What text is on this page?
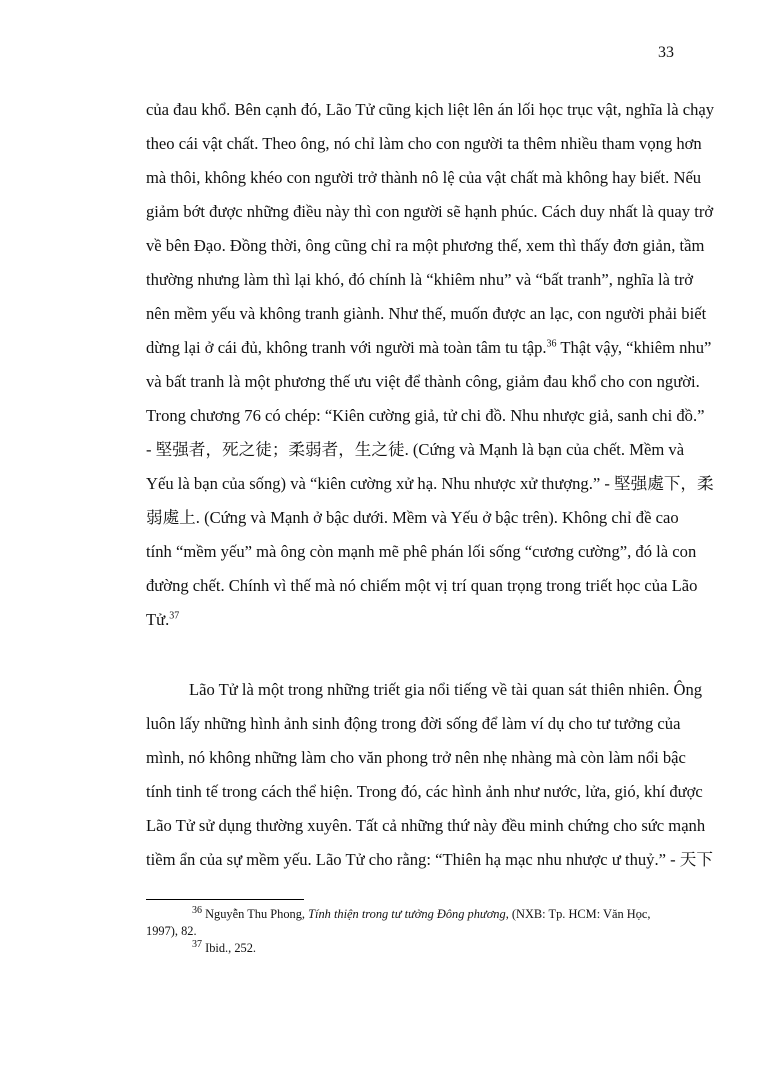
33
của đau khổ. Bên cạnh đó, Lão Tử cũng kịch liệt lên án lối học trục vật, nghĩa là chạy
theo cái vật chất. Theo ông, nó chỉ làm cho con người ta thêm nhiều tham vọng hơn
mà thôi, không khéo con người trở thành nô lệ của vật chất mà không hay biết. Nếu
giảm bớt được những điều này thì con người sẽ hạnh phúc. Cách duy nhất là quay trở
về bên Đạo. Đồng thời, ông cũng chỉ ra một phương thế, xem thì thấy đơn giản, tầm
thường nhưng làm thì lại khó, đó chính là “khiêm nhu” và “bất tranh”, nghĩa là trở
nên mềm yếu và không tranh giành. Như thế, muốn được an lạc, con người phải biết
dừng lại ở cái đủ, không tranh với người mà toàn tâm tu tập.$^{36}$ Thật vậy, “khiêm nhu”
và bất tranh là một phương thế ưu việt để thành công, giảm đau khổ cho con người.
Trong chương 76 có chép: “Kiên cường giả, tử chi đồ. Nhu nhược giả, sanh chi đồ.”
- 堅强者，死之徒；柔弱者，生之徒. (Cứng và Mạnh là bạn của chết. Mềm và
Yếu là bạn của sống) và “kiên cường xử hạ. Nhu nhược xử thượng.” - 堅强處下，柔
弱處上. (Cứng và Mạnh ở bậc dưới. Mềm và Yếu ở bậc trên). Không chỉ đề cao
tính “mềm yếu” mà ông còn mạnh mẽ phê phán lối sống “cương cường”, đó là con
đường chết. Chính vì thế mà nó chiếm một vị trí quan trọng trong triết học của Lão
Tử.$^{37}$
Lão Tử là một trong những triết gia nổi tiếng về tài quan sát thiên nhiên. Ông
luôn lấy những hình ảnh sinh động trong đời sống để làm ví dụ cho tư tưởng của
mình, nó không những làm cho văn phong trở nên nhẹ nhàng mà còn làm nổi bậc
tính tinh tế trong cách thể hiện. Trong đó, các hình ảnh như nước, lửa, gió, khí được
Lão Tử sử dụng thường xuyên. Tất cả những thứ này đều minh chứng cho sức mạnh
tiềm ẩn của sự mềm yếu. Lão Tử cho rằng: “Thiên hạ mạc nhu nhược ư thuỷ.” - 天下
$^{36}$ Nguyễn Thu Phong, Tính thiện trong tư tưởng Đông phương, (NXB: Tp. HCM: Văn Học,
1997), 82.
$^{37}$ Ibid., 252.
